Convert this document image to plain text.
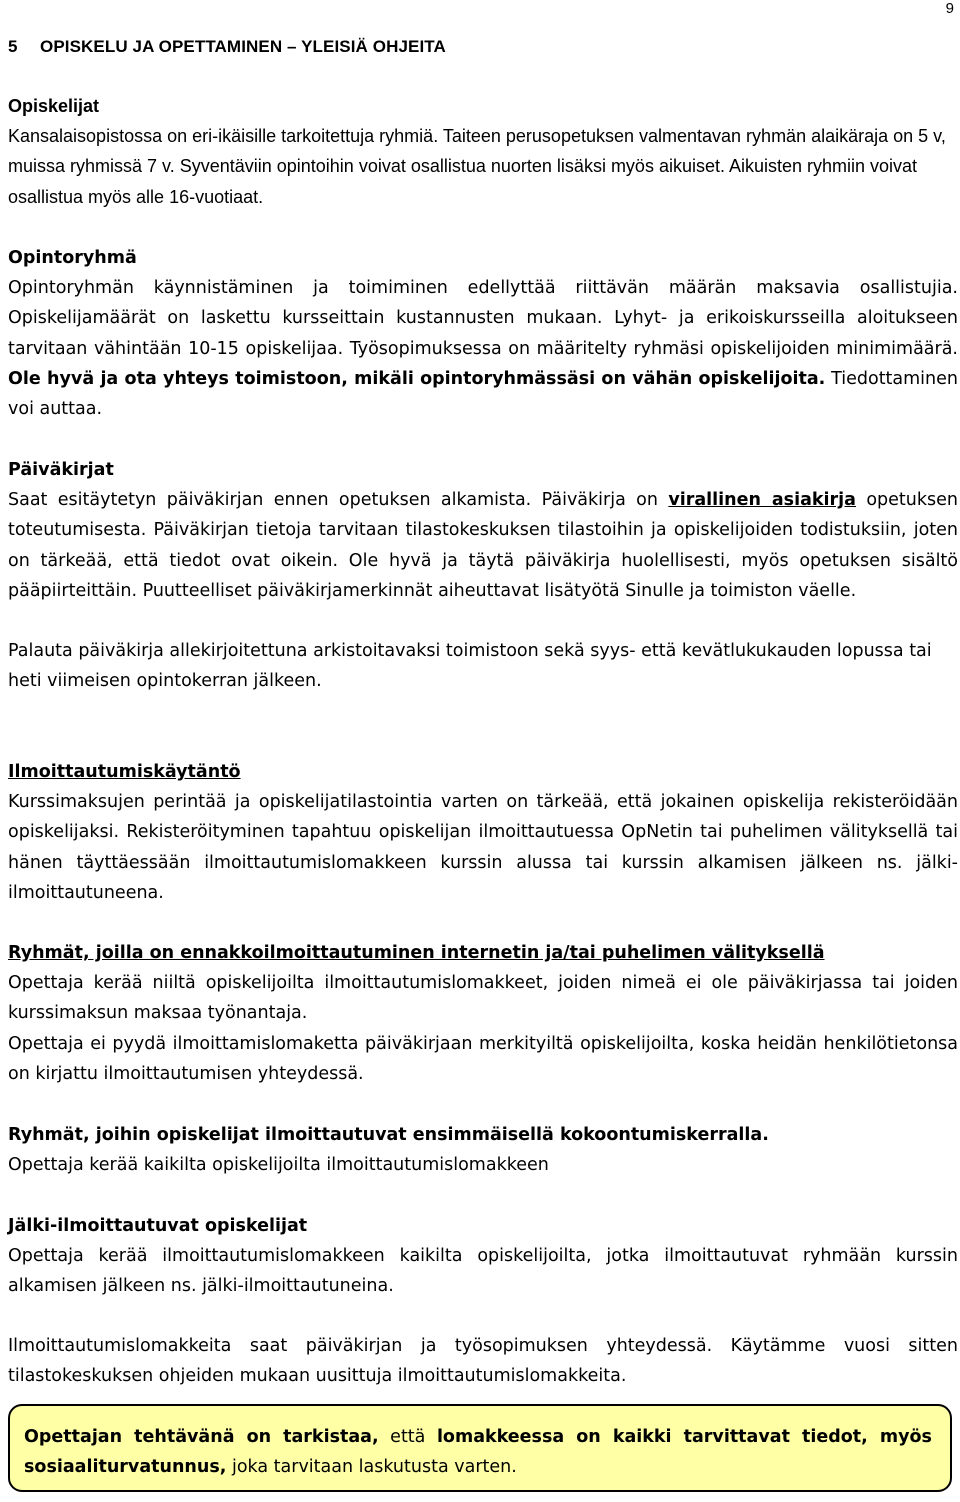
9
5 OPISKELU JA OPETTAMINEN – YLEISIÄ OHJEITA

Opiskelijat

Kansalaisopistossa on eri-ikäisille tarkoitettuja ryhmiä. Taiteen perusopetuksen valmentavan ryhmän alaikäraja on 5 v, muissa ryhmissä 7 v. Syventäviin opintoihin voivat osallistua nuorten lisäksi myös aikuiset. Aikuisten ryhmiin voivat osallistua myös alle 16-vuotiaat.

Opintoryhmä

Opintoryhmän käynnistäminen ja toimiminen edellyttää riittävän määrän maksavia osallistujia. Opiskelijamäärät on laskettu kursseittain kustannusten mukaan. Lyhyt- ja erikoiskursseilla aloitukseen tarvitaan vähintään 10-15 opiskelijaa. Työsopimuksessa on määritelty ryhmäsi opiskelijoiden minimimäärä. Ole hyvä ja ota yhteys toimistoon, mikäli opintoryhmässäsi on vähän opiskelijoita. Tiedottaminen voi auttaa.

Päiväkirjat

Saat esitäytetyn päiväkirjan ennen opetuksen alkamista. Päiväkirja on virallinen asiakirja opetuksen toteutumisesta. Päiväkirjan tietoja tarvitaan tilastokeskuksen tilastoihin ja opiskelijoiden todistuksiin, joten on tärkeää, että tiedot ovat oikein. Ole hyvä ja täytä päiväkirja huolellisesti, myös opetuksen sisältö pääpiirteittäin. Puutteelliset päiväkirjamerkinnät aiheuttavat lisätyötä Sinulle ja toimiston väelle.

Palauta päiväkirja allekirjoitettuna arkistoitavaksi toimistoon sekä syys- että kevätlukukauden lopussa tai heti viimeisen opintokerran jälkeen.

Ilmoittautumiskäytäntö

Kurssimaksujen perintää ja opiskelijatilastointia varten on tärkeää, että jokainen opiskelija rekisteröidään opiskelijaksi. Rekisteröityminen tapahtuu opiskelijan ilmoittautuessa OpNetin tai puhelimen välityksellä tai hänen täyttäessään ilmoittautumislomakkeen kurssin alussa tai kurssin alkamisen jälkeen ns. jälki-ilmoittautuneena.

Ryhmät, joilla on ennakkoilmoittautuminen internetin ja/tai puhelimen välityksellä

Opettaja kerää niiltä opiskelijoilta ilmoittautumislomakkeet, joiden nimeä ei ole päiväkirjassa tai joiden kurssimaksun maksaa työnantaja.

Opettaja ei pyydä ilmoittamislomaketta päiväkirjaan merkityiltä opiskelijoilta, koska heidän henkilötietonsa on kirjattu ilmoittautumisen yhteydessä.

Ryhmät, joihin opiskelijat ilmoittautuvat ensimmäisellä kokoontumiskerralla.

Opettaja kerää kaikilta opiskelijoilta ilmoittautumislomakkeen

Jälki-ilmoittautuvat opiskelijat

Opettaja kerää ilmoittautumislomakkeen kaikilta opiskelijoilta, jotka ilmoittautuvat ryhmään kurssin alkamisen jälkeen ns. jälki-ilmoittautuneina.

Ilmoittautumislomakkeita saat päiväkirjan ja työsopimuksen yhteydessä. Käytämme vuosi sitten tilastokeskuksen ohjeiden mukaan uusittuja ilmoittautumislomakkeita.

Opettajan tehtävänä on tarkistaa, että lomakkeessa on kaikki tarvittavat tiedot, myös sosiaaliturvatunnus, joka tarvitaan laskutusta varten.
